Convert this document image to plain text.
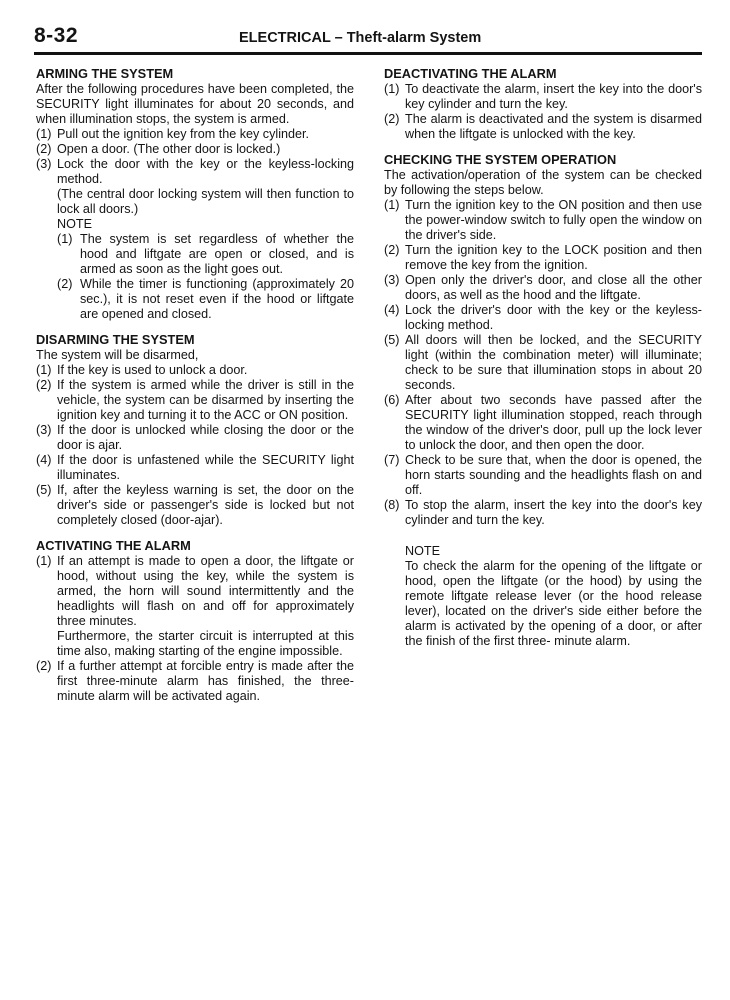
8-32	ELECTRICAL – Theft-alarm System
ARMING THE SYSTEM

After the following procedures have been completed, the SECURITY light illuminates for about 20 seconds, and when illumination stops, the system is armed.

(1) Pull out the ignition key from the key cylinder.
(2) Open a door. (The other door is locked.)
(3) Lock the door with the key or the keyless-locking method.
(The central door locking system will then function to lock all doors.)
NOTE
(1) The system is set regardless of whether the hood and liftgate are open or closed, and is armed as soon as the light goes out.
(2) While the timer is functioning (approximately 20 sec.), it is not reset even if the hood or liftgate are opened and closed.
DISARMING THE SYSTEM

The system will be disarmed,

(1) If the key is used to unlock a door.
(2) If the system is armed while the driver is still in the vehicle, the system can be disarmed by inserting the ignition key and turning it to the ACC or ON position.
(3) If the door is unlocked while closing the door or the door is ajar.
(4) If the door is unfastened while the SECURITY light illuminates.
(5) If, after the keyless warning is set, the door on the driver's side or passenger's side is locked but not completely closed (door-ajar).
ACTIVATING THE ALARM
(1) If an attempt is made to open a door, the liftgate or hood, without using the key, while the system is armed, the horn will sound intermittently and the headlights will flash on and off for approximately three minutes.
Furthermore, the starter circuit is interrupted at this time also, making starting of the engine impossible.
(2) If a further attempt at forcible entry is made after the first three-minute alarm has finished, the three-minute alarm will be activated again.
DEACTIVATING THE ALARM
(1) To deactivate the alarm, insert the key into the door's key cylinder and turn the key.
(2) The alarm is deactivated and the system is disarmed when the liftgate is unlocked with the key.
CHECKING THE SYSTEM OPERATION

The activation/operation of the system can be checked by following the steps below.

(1) Turn the ignition key to the ON position and then use the power-window switch to fully open the window on the driver's side.
(2) Turn the ignition key to the LOCK position and then remove the key from the ignition.
(3) Open only the driver's door, and close all the other doors, as well as the hood and the liftgate.
(4) Lock the driver's door with the key or the keyless- locking method.
(5) All doors will then be locked, and the SECURITY light (within the combination meter) will illuminate; check to be sure that illumination stops in about 20 seconds.
(6) After about two seconds have passed after the SECURITY light illumination stopped, reach through the window of the driver's door, pull up the lock lever to unlock the door, and then open the door.
(7) Check to be sure that, when the door is opened, the horn starts sounding and the headlights flash on and off.
(8) To stop the alarm, insert the key into the door's key cylinder and turn the key.
NOTE
To check the alarm for the opening of the liftgate or hood, open the liftgate (or the hood) by using the remote liftgate release lever (or the hood release lever), located on the driver's side either before the alarm is activated by the opening of a door, or after the finish of the first three- minute alarm.
